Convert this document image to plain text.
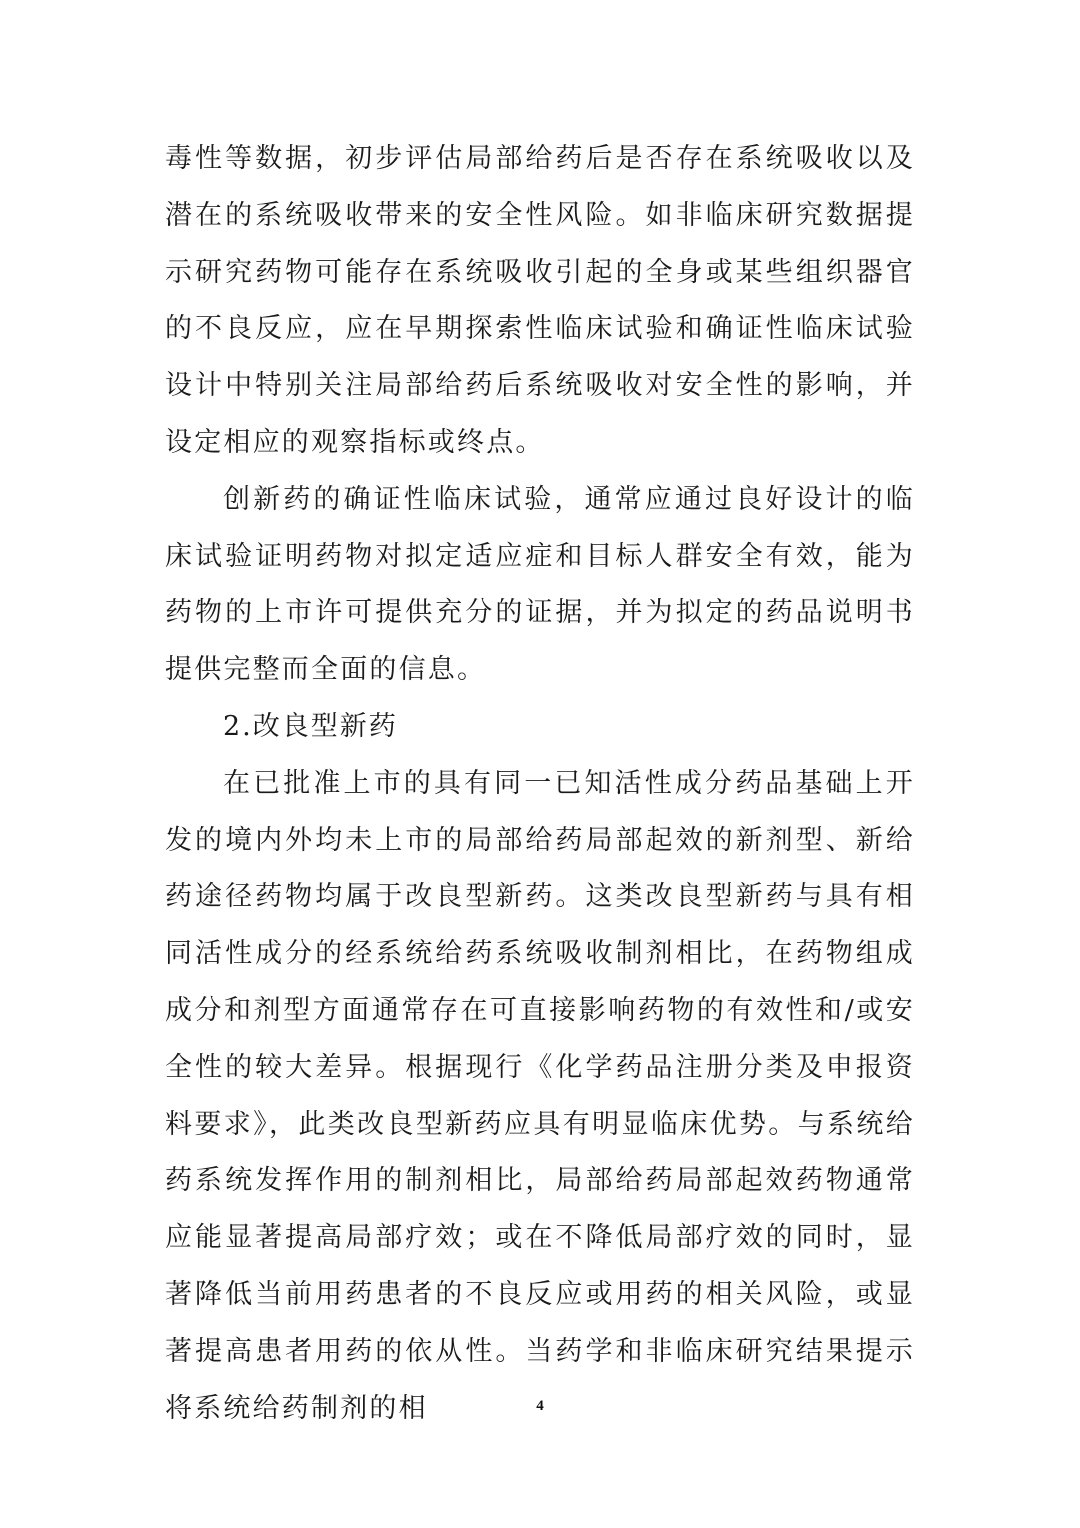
毒性等数据，初步评估局部给药后是否存在系统吸收以及潜在的系统吸收带来的安全性风险。如非临床研究数据提示研究药物可能存在系统吸收引起的全身或某些组织器官的不良反应，应在早期探索性临床试验和确证性临床试验设计中特别关注局部给药后系统吸收对安全性的影响，并设定相应的观察指标或终点。

创新药的确证性临床试验，通常应通过良好设计的临床试验证明药物对拟定适应症和目标人群安全有效，能为药物的上市许可提供充分的证据，并为拟定的药品说明书提供完整而全面的信息。

2.改良型新药

在已批准上市的具有同一已知活性成分药品基础上开发的境内外均未上市的局部给药局部起效的新剂型、新给药途径药物均属于改良型新药。这类改良型新药与具有相同活性成分的经系统给药系统吸收制剂相比，在药物组成成分和剂型方面通常存在可直接影响药物的有效性和/或安全性的较大差异。根据现行《化学药品注册分类及申报资料要求》，此类改良型新药应具有明显临床优势。与系统给药系统发挥作用的制剂相比，局部给药局部起效药物通常应能显著提高局部疗效；或在不降低局部疗效的同时，显著降低当前用药患者的不良反应或用药的相关风险，或显著提高患者用药的依从性。当药学和非临床研究结果提示将系统给药制剂的相	4
